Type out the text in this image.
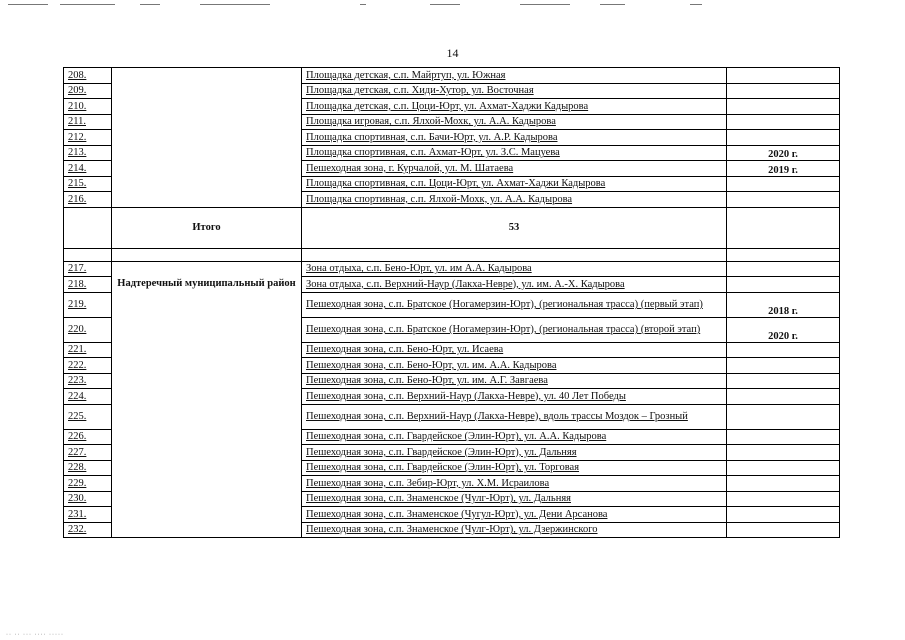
14
208.		Площадка детская, с.п. Майртуп, ул. Южная	
209.		Площадка детская, с.п. Хиди-Хутор, ул. Восточная	
210.		Площадка детская, с.п. Цоци-Юрт, ул. Ахмат-Хаджи Кадырова	
211.		Площадка игровая, с.п. Ялхой-Мохк, ул. А.А. Кадырова	
212.		Площадка спортивная, с.п. Бачи-Юрт, ул. А.Р. Кадырова	
213.		Площадка спортивная, с.п. Ахмат-Юрт, ул. З.С. Мацуева	2020 г.
214.		Пешеходная зона, г. Курчалой, ул. М. Шатаева	2019 г.
215.		Площадка спортивная, с.п. Цоци-Юрт, ул. Ахмат-Хаджи Кадырова	
216.		Площадка спортивная, с.п. Ялхой-Мохк, ул. А.А. Кадырова	
	Итого	53	

217.	Надтеречный муниципальный район	Зона отдыха, с.п. Бено-Юрт, ул. им А.А. Кадырова	
218.		Зона отдыха, с.п. Верхний-Наур (Лакха-Невре), ул. им. А.-Х. Кадырова	
219.		Пешеходная зона, с.п. Братское (Ногамерзин-Юрт), (региональная трасса) (первый этап)	2018 г.
220.		Пешеходная зона, с.п. Братское (Ногамерзин-Юрт), (региональная трасса) (второй этап)	2020 г.
221.		Пешеходная зона, с.п. Бено-Юрт, ул. Исаева	
222.		Пешеходная зона, с.п. Бено-Юрт, ул. им. А.А. Кадырова	
223.		Пешеходная зона, с.п. Бено-Юрт, ул. им. А.Г. Завгаева	
224.		Пешеходная зона, с.п. Верхний-Наур (Лакха-Невре), ул. 40 Лет Победы	
225.		Пешеходная зона, с.п. Верхний-Наур (Лакха-Невре), вдоль трассы Моздок – Грозный	
226.		Пешеходная зона, с.п. Гвардейское (Элин-Юрт), ул. А.А. Кадырова	
227.		Пешеходная зона, с.п. Гвардейское (Элин-Юрт), ул. Дальняя	
228.		Пешеходная зона, с.п. Гвардейское (Элин-Юрт), ул. Торговая	
229.		Пешеходная зона, с.п. Зебир-Юрт, ул. Х.М. Исраилова	
230.		Пешеходная зона, с.п. Знаменское (Чулг-Юрт), ул. Дальняя	
231.		Пешеходная зона, с.п. Знаменское (Чугул-Юрт), ул. Дени Арсанова	
232.		Пешеходная зона, с.п. Знаменское (Чулг-Юрт), ул. Дзержинского	
·· ·· ··· ···· ·····
